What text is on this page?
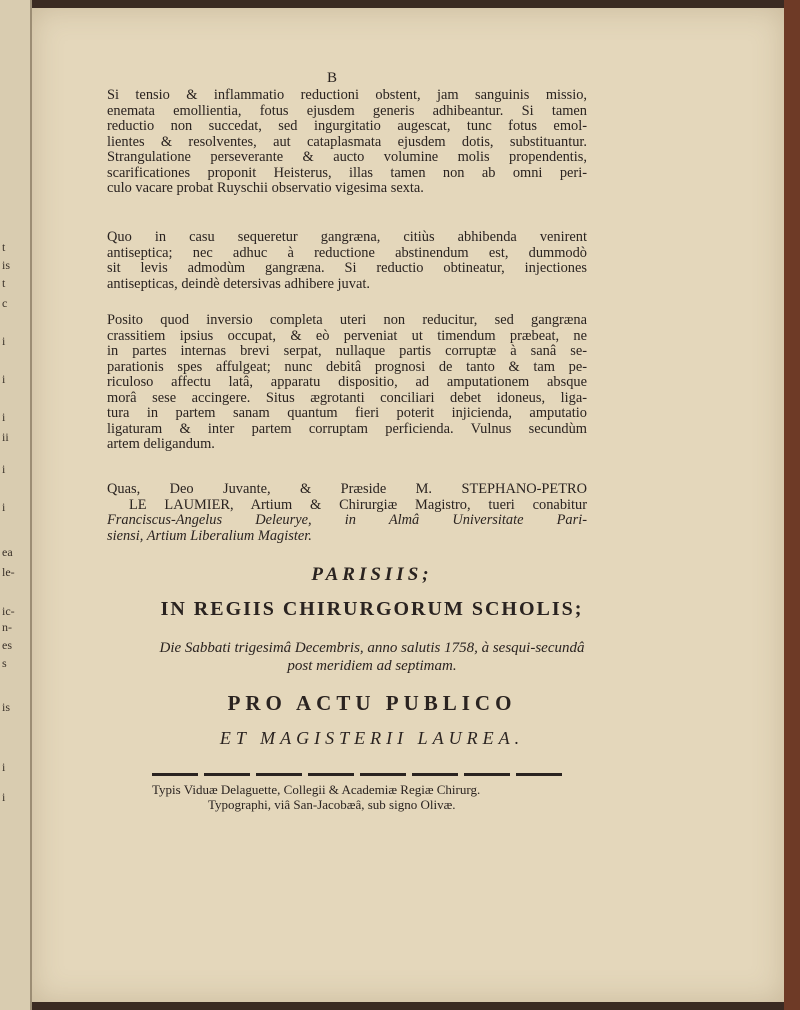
t
is
t
c
i
i
i
ii
i
i
ea
le-
ic-
n-
es
s
is
i
i
B
Si tensio & inflammatio reductioni obstent, jam sanguinis missio,
enemata emollientia, fotus ejusdem generis adhibeantur. Si tamen
reductio non succedat, sed ingurgitatio augescat, tunc fotus emol-
lientes & resolventes, aut cataplasmata ejusdem dotis, substituantur.
Strangulatione perseverante & aucto volumine molis propendentis,
scarificationes proponit Heisterus, illas tamen non ab omni peri-
culo vacare probat Ruyschii observatio vigesima sexta.
Quo in casu sequeretur gangræna, citiùs abhibenda venirent
antiseptica; nec adhuc à reductione abstinendum est, dummodò
sit levis admodùm gangræna. Si reductio obtineatur, injectiones
antisepticas, deindè detersivas adhibere juvat.
Posito quod inversio completa uteri non reducitur, sed gangræna
crassitiem ipsius occupat, & eò perveniat ut timendum præbeat, ne
in partes internas brevi serpat, nullaque partis corruptæ à sanâ se-
parationis spes affulgeat; nunc debitâ prognosi de tanto & tam pe-
riculoso affectu latâ, apparatu dispositio, ad amputationem absque
morâ sese accingere. Situs ægrotanti conciliari debet idoneus, liga-
tura in partem sanam quantum fieri poterit injicienda, amputatio
ligaturam & inter partem corruptam perficienda. Vulnus secundùm
artem deligandum.
Quas, Deo Juvante, & Præside M. STEPHANO-PETRO
LE LAUMIER, Artium & Chirurgiæ Magistro, tueri conabitur
Franciscus-Angelus Deleurye, in Almâ Universitate Pari-
siensi, Artium Liberalium Magister.
PARISIIS;
IN REGIIS CHIRURGORUM SCHOLIS;
Die Sabbati trigesimâ Decembris, anno salutis 1758, à sesqui-secundâ
post meridiem ad septimam.
PRO ACTU PUBLICO
ET MAGISTERII LAUREA.
Typis Viduæ Delaguette, Collegii & Academiæ Regiæ Chirurg.
Typographi, viâ San-Jacobæâ, sub signo Olivæ.
